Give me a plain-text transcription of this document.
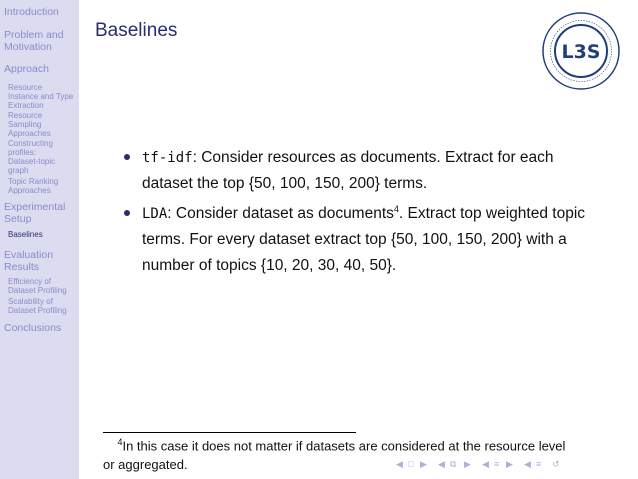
Introduction

Problem and Motivation

Approach

Resource Instance and Type Extraction

Resource Sampling Approaches

Constructing profiles: Dataset-topic graph

Topic Ranking Approaches

Experimental Setup

Baselines

Evaluation Results

Efficiency of Dataset Profiling

Scalability of Dataset Profiling

Conclusions

Baselines
L3S
tf-idf: Consider resources as documents. Extract for each dataset the top {50, 100, 150, 200} terms.
LDA: Consider dataset as documents$^4$. Extract top weighted topic terms. For every dataset extract top {50, 100, 150, 200} with a number of topics {10, 20, 30, 40, 50}.
$^4$In this case it does not matter if datasets are considered at the resource level or aggregated.	◀ □ ▶ ◀ ⧉ ▶ ◀ ≡ ▶ ◀ ≡ ↺
